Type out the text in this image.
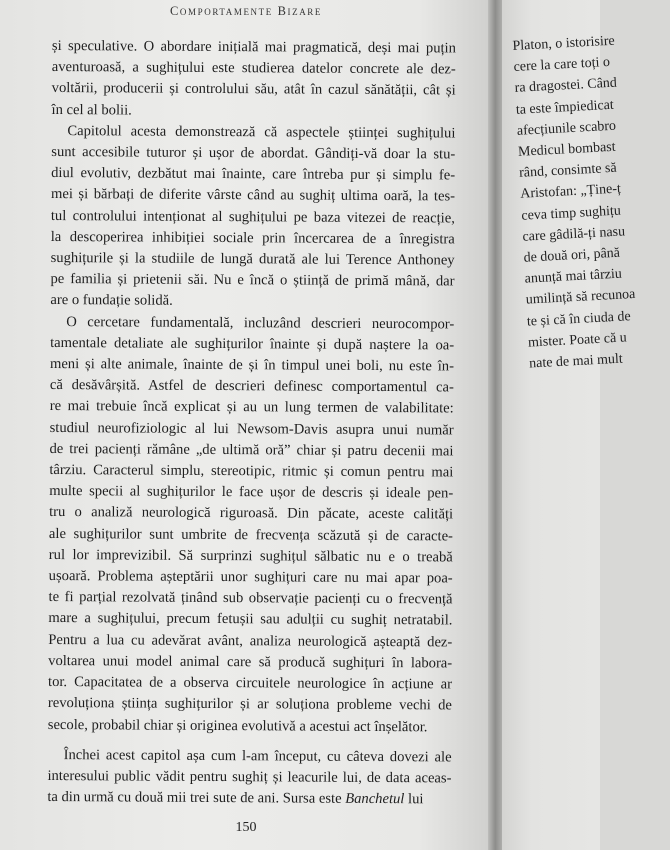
Comportamente Bizare
și speculative. O abordare inițială mai pragmatică, deși mai puțin
aventuroasă, a sughițului este studierea datelor concrete ale dez-
voltării, producerii și controlului său, atât în cazul sănătății, cât și
în cel al bolii.
Capitolul acesta demonstrează că aspectele științei sughițului
sunt accesibile tuturor și ușor de abordat. Gândiți-vă doar la stu-
diul evolutiv, dezbătut mai înainte, care întreba pur și simplu fe-
mei și bărbați de diferite vârste când au sughiț ultima oară, la tes-
tul controlului intenționat al sughițului pe baza vitezei de reacție,
la descoperirea inhibiției sociale prin încercarea de a înregistra
sughițurile și la studiile de lungă durată ale lui Terence Anthoney
pe familia și prietenii săi. Nu e încă o știință de primă mână, dar
are o fundație solidă.
O cercetare fundamentală, incluzând descrieri neurocompor-
tamentale detaliate ale sughițurilor înainte și după naștere la oa-
meni și alte animale, înainte de și în timpul unei boli, nu este în-
că desăvârșită. Astfel de descrieri definesc comportamentul ca-
re mai trebuie încă explicat și au un lung termen de valabilitate:
studiul neurofiziologic al lui Newsom-Davis asupra unui număr
de trei pacienți rămâne „de ultimă oră” chiar și patru decenii mai
târziu. Caracterul simplu, stereotipic, ritmic și comun pentru mai
multe specii al sughițurilor le face ușor de descris și ideale pen-
tru o analiză neurologică riguroasă. Din păcate, aceste calități
ale sughițurilor sunt umbrite de frecvența scăzută și de caracte-
rul lor imprevizibil. Să surprinzi sughițul sălbatic nu e o treabă
ușoară. Problema așteptării unor sughițuri care nu mai apar poa-
te fi parțial rezolvată ținând sub observație pacienți cu o frecvență
mare a sughițului, precum fetușii sau adulții cu sughiț netratabil.
Pentru a lua cu adevărat avânt, analiza neurologică așteaptă dez-
voltarea unui model animal care să producă sughițuri în labora-
tor. Capacitatea de a observa circuitele neurologice în acțiune ar
revoluționa știința sughițurilor și ar soluționa probleme vechi de
secole, probabil chiar și originea evolutivă a acestui act înșelător.
Închei acest capitol așa cum l-am început, cu câteva dovezi ale
interesului public vădit pentru sughiț și leacurile lui, de data aceas-
ta din urmă cu două mii trei sute de ani. Sursa este Banchetul lui
150
Platon, o istorisire
cere la care toți o
ra dragostei. Când
ta este împiedicat
afecțiunile scabro
Medicul bombast
rând, consimte să
Aristofan: „Ține-ț
ceva timp sughițu
care gâdilă-ți nasu
de două ori, până
anunță mai târziu
umilință să recunoa
te și că în ciuda de
mister. Poate că u
nate de mai mult
